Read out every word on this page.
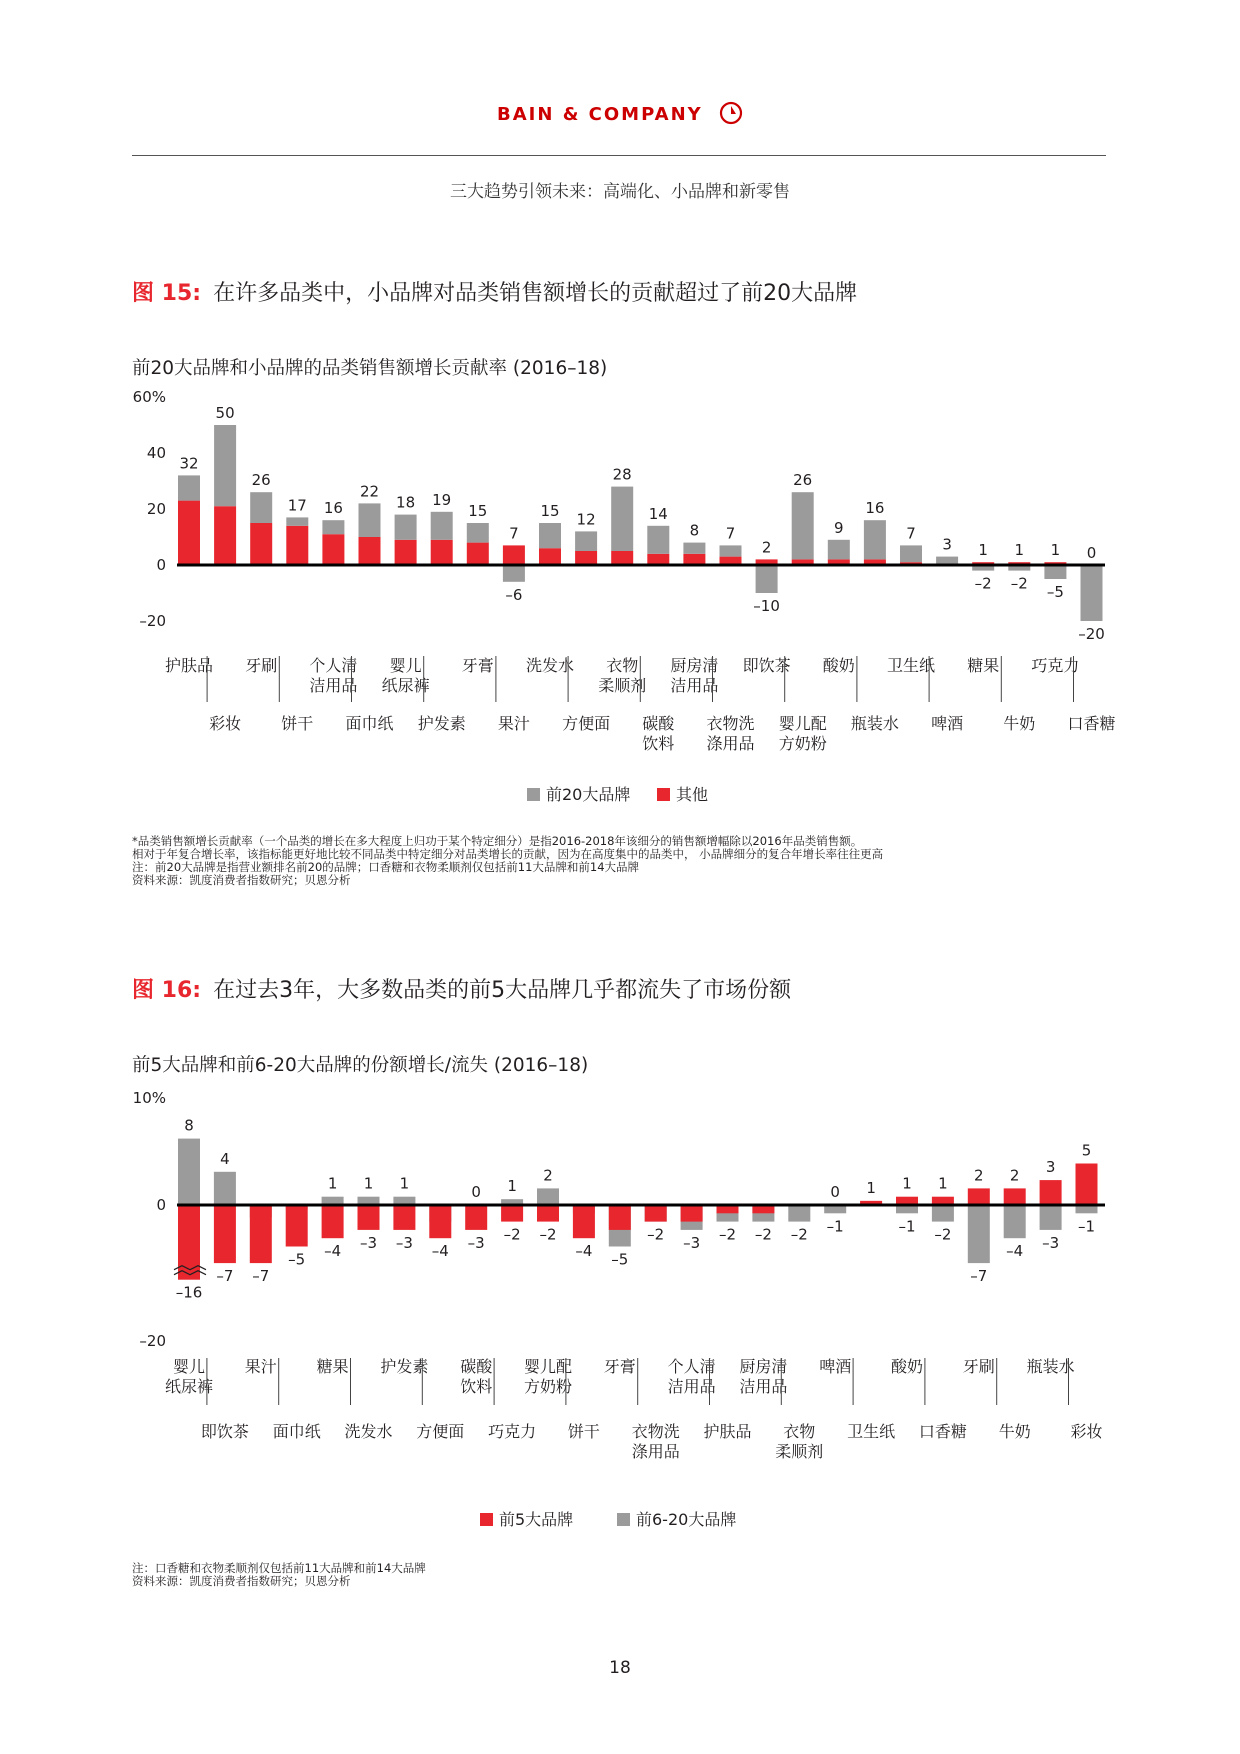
BAIN & COMPANY
三大趋势引领未来：高端化、小品牌和新零售
图 15: 在许多品类中，小品牌对品类销售额增长的贡献超过了前20大品牌
前20大品牌和小品牌的品类销售额增长贡献率 (2016–18)
60%
40
20
0
–20
32
护肤品
50
彩妆
26
牙刷
17
饼干
16
个人清
洁用品
22
面巾纸
18
婴儿
纸尿裤
19
护发素
15
牙膏
7
–6
果汁
15
洗发水
12
方便面
28
衣物
柔顺剂
14
碳酸
饮料
8
厨房清
洁用品
7
衣物洗
涤用品
2
–10
即饮茶
26
婴儿配
方奶粉
9
酸奶
16
瓶装水
7
卫生纸
3
啤酒
1
–2
糖果
1
–2
牛奶
1
–5
巧克力
0
–20
口香糖
前20大品牌	其他
*品类销售额增长贡献率（一个品类的增长在多大程度上归功于某个特定细分）是指2016-2018年该细分的销售额增幅除以2016年品类销售额。
相对于年复合增长率，该指标能更好地比较不同品类中特定细分对品类增长的贡献，因为在高度集中的品类中， 小品牌细分的复合年增长率往往更高
注：前20大品牌是指营业额排名前20的品牌；口香糖和衣物柔顺剂仅包括前11大品牌和前14大品牌
资料来源：凯度消费者指数研究；贝恩分析
图 16: 在过去3年，大多数品类的前5大品牌几乎都流失了市场份额
前5大品牌和前6-20大品牌的份额增长/流失 (2016–18)
10%
0
–20
8
–16
婴儿
纸尿裤
4
–7
即饮茶
–7
果汁
–5
面巾纸
1
–4
糖果
1
–3
洗发水
1
–3
护发素
–4
方便面
0
–3
碳酸
饮料
1
–2
巧克力
2
–2
婴儿配
方奶粉
–4
饼干
–5
牙膏
–2
衣物洗
涤用品
–3
个人清
洁用品
–2
护肤品
–2
厨房清
洁用品
–2
衣物
柔顺剂
0
–1
啤酒
1
卫生纸
1
–1
酸奶
1
–2
口香糖
2
–7
牙刷
2
–4
牛奶
3
–3
瓶装水
5
–1
彩妆
前5大品牌	前6-20大品牌
注：口香糖和衣物柔顺剂仅包括前11大品牌和前14大品牌
资料来源：凯度消费者指数研究；贝恩分析
18
